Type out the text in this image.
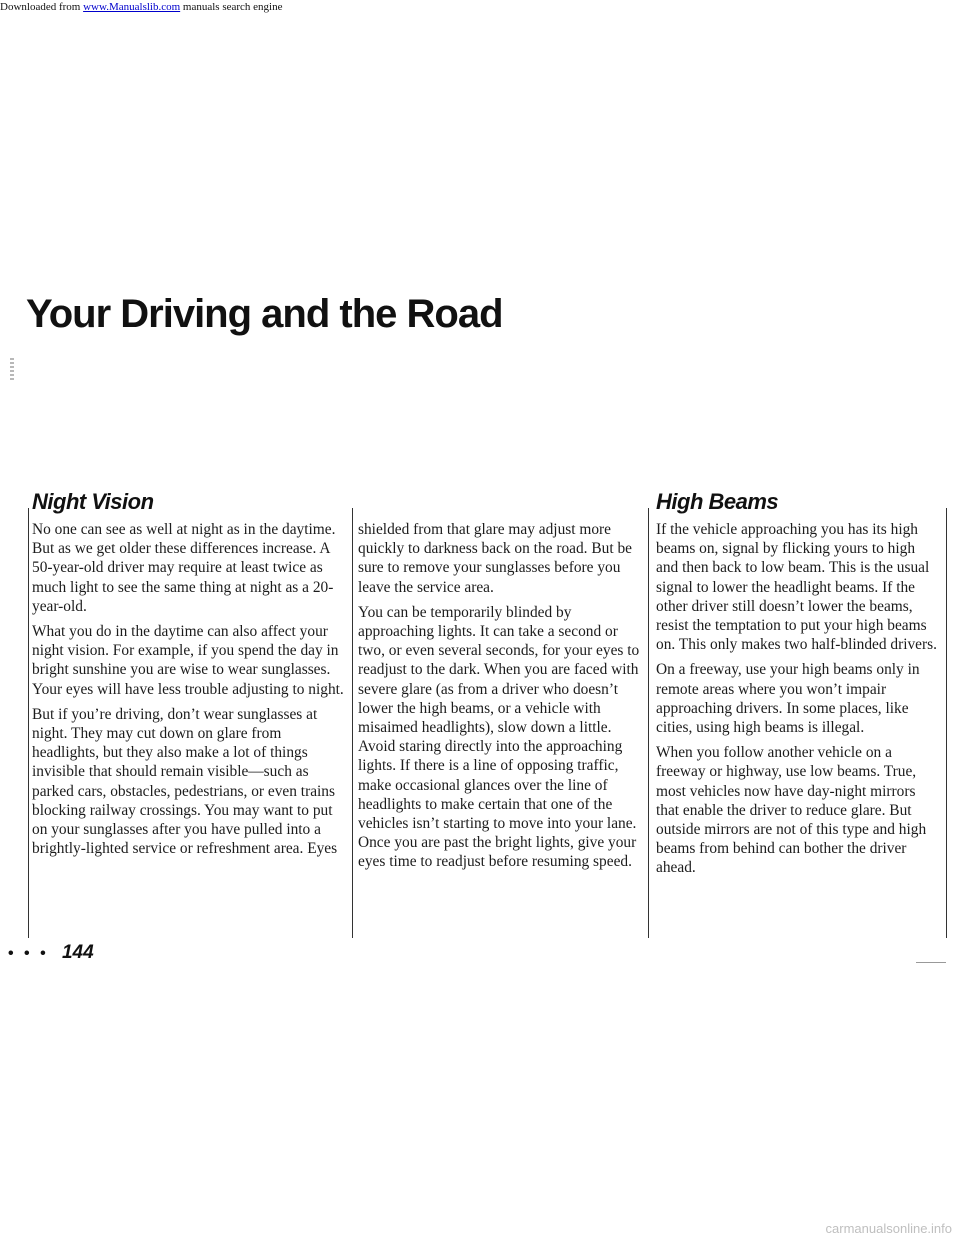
Downloaded from www.Manualslib.com manuals search engine
Your Driving and the Road
Night Vision

No one can see as well at night as in the daytime. But as we get older these differences increase. A 50-year-old driver may require at least twice as much light to see the same thing at night as a 20-year-old.

What you do in the daytime can also affect your night vision. For example, if you spend the day in bright sunshine you are wise to wear sunglasses. Your eyes will have less trouble adjusting to night.

But if you’re driving, don’t wear sunglasses at night. They may cut down on glare from headlights, but they also make a lot of things invisible that should remain visible—such as parked cars, obstacles, pedestrians, or even trains blocking railway crossings. You may want to put on your sunglasses after you have pulled into a brightly-lighted service or refreshment area. Eyes

shielded from that glare may adjust more quickly to darkness back on the road. But be sure to remove your sunglasses before you leave the service area.

You can be temporarily blinded by approaching lights. It can take a second or two, or even several seconds, for your eyes to readjust to the dark. When you are faced with severe glare (as from a driver who doesn’t lower the high beams, or a vehicle with misaimed headlights), slow down a little. Avoid staring directly into the approaching lights. If there is a line of opposing traffic, make occasional glances over the line of headlights to make certain that one of the vehicles isn’t starting to move into your lane. Once you are past the bright lights, give your eyes time to readjust before resuming speed.

High Beams

If the vehicle approaching you has its high beams on, signal by flicking yours to high and then back to low beam. This is the usual signal to lower the headlight beams. If the other driver still doesn’t lower the beams, resist the temptation to put your high beams on. This only makes two half-blinded drivers.

On a freeway, use your high beams only in remote areas where you won’t impair approaching drivers. In some places, like cities, using high beams is illegal.

When you follow another vehicle on a freeway or highway, use low beams. True, most vehicles now have day-night mirrors that enable the driver to reduce glare. But outside mirrors are not of this type and high beams from behind can bother the driver ahead.

• • • 144
carmanualsonline.info
